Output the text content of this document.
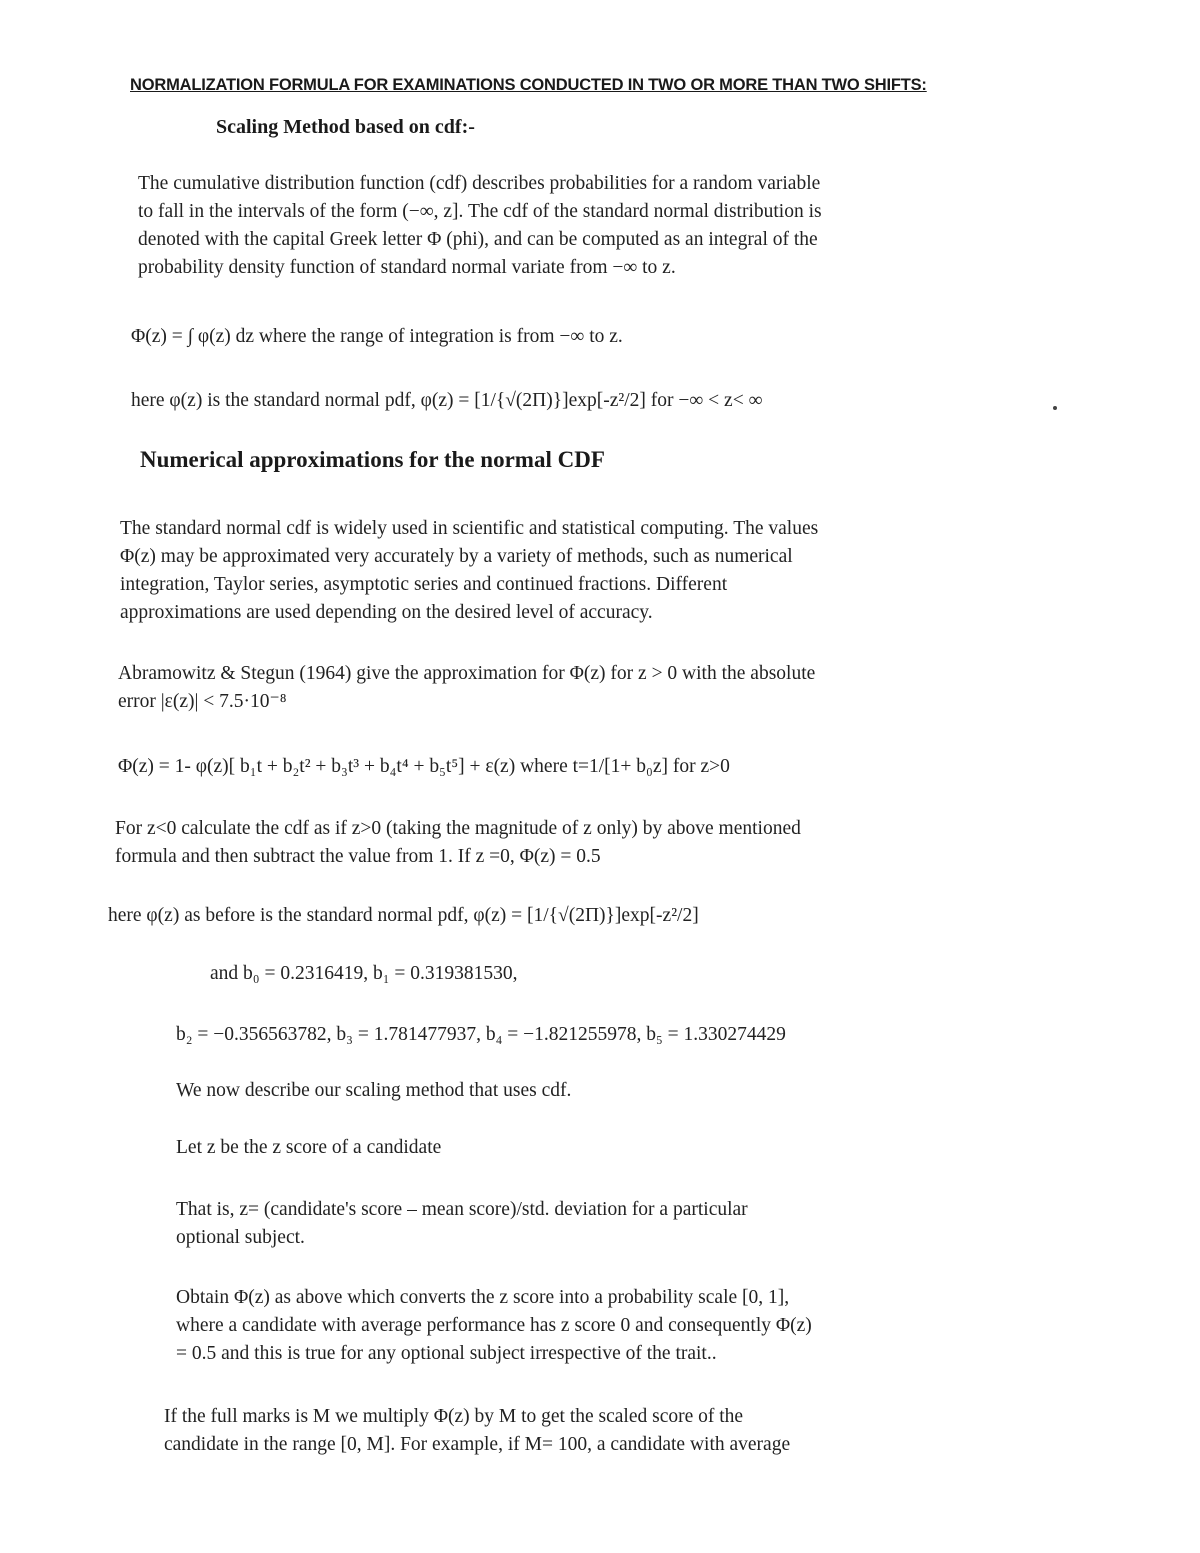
NORMALIZATION FORMULA FOR EXAMINATIONS CONDUCTED IN TWO OR MORE THAN TWO SHIFTS:
Scaling Method based on cdf:-
The cumulative distribution function (cdf) describes probabilities for a random variable
to fall in the intervals of the form (−∞, z]. The cdf of the standard normal distribution is
denoted with the capital Greek letter Φ (phi), and can be computed as an integral of the
probability density function of standard normal variate from −∞ to z.

Φ(z) = ∫ φ(z) dz where the range of integration is from −∞ to z.

here φ(z) is the standard normal pdf, φ(z) = [1/{√(2Π)}]exp[-z²/2] for −∞ < z< ∞

Numerical approximations for the normal CDF
The standard normal cdf is widely used in scientific and statistical computing. The values
Φ(z) may be approximated very accurately by a variety of methods, such as numerical
integration, Taylor series, asymptotic series and continued fractions. Different
approximations are used depending on the desired level of accuracy.
Abramowitz & Stegun (1964) give the approximation for Φ(z) for z > 0 with the absolute
error |ε(z)| < 7.5·10⁻⁸

Φ(z) = 1- φ(z)[ b₁t + b₂t² + b₃t³ + b₄t⁴ + b₅t⁵] + ε(z) where t=1/[1+ b₀z] for z>0

For z<0 calculate the cdf as if z>0 (taking the magnitude of z only) by above mentioned
formula and then subtract the value from 1. If z =0, Φ(z) = 0.5

here φ(z) as before is the standard normal pdf, φ(z) = [1/{√(2Π)}]exp[-z²/2]

and b₀ = 0.2316419, b₁ = 0.319381530,

b₂ = −0.356563782, b₃ = 1.781477937, b₄ = −1.821255978, b₅ = 1.330274429

We now describe our scaling method that uses cdf.

Let z be the z score of a candidate

That is, z= (candidate's score – mean score)/std. deviation for a particular
optional subject.
Obtain Φ(z) as above which converts the z score into a probability scale [0, 1],
where a candidate with average performance has z score 0 and consequently Φ(z)
= 0.5 and this is true for any optional subject irrespective of the trait..
If the full marks is M we multiply Φ(z) by M to get the scaled score of the
candidate in the range [0, M]. For example, if M= 100, a candidate with average
